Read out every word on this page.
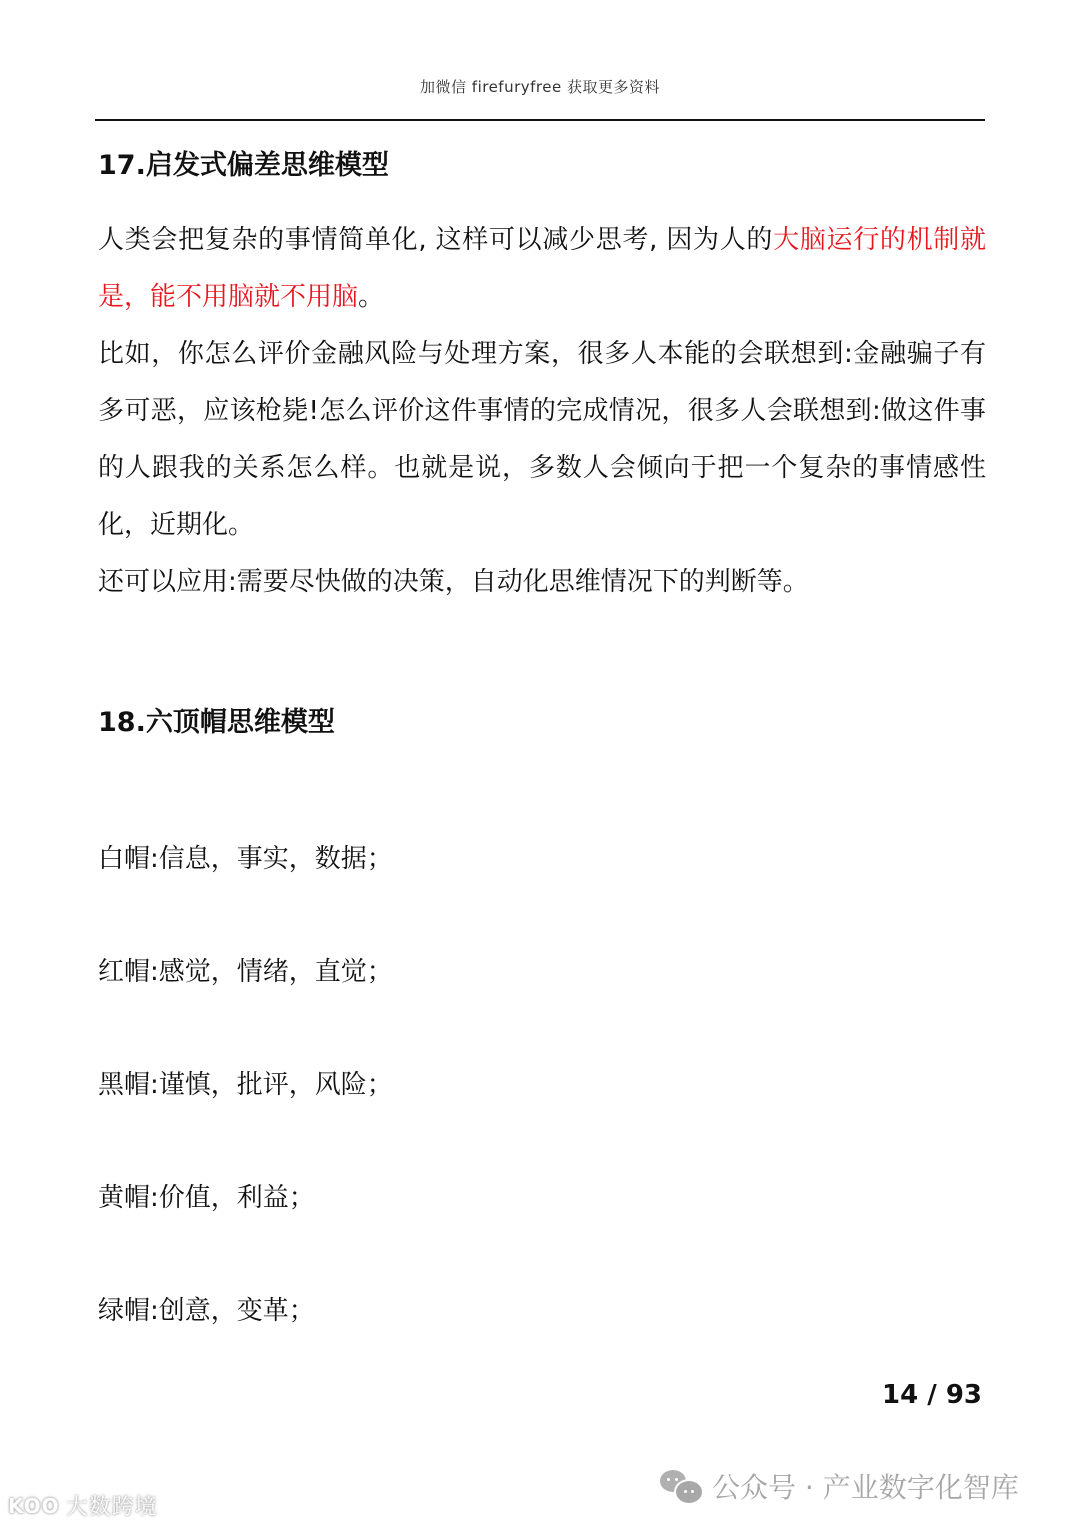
加微信 firefuryfree 获取更多资料
17.启发式偏差思维模型
人类会把复杂的事情简单化, 这样可以减少思考, 因为人的大脑运行的机制就是，能不用脑就不用脑。
比如，你怎么评价金融风险与处理方案，很多人本能的会联想到:金融骗子有多可恶，应该枪毙!怎么评价这件事情的完成情况，很多人会联想到:做这件事的人跟我的关系怎么样。也就是说，多数人会倾向于把一个复杂的事情感性化，近期化。
还可以应用:需要尽快做的决策，自动化思维情况下的判断等。
18.六顶帽思维模型
白帽:信息，事实，数据；
红帽:感觉，情绪，直觉；
黑帽:谨慎，批评，风险；
黄帽:价值，利益；
绿帽:创意，变革；
14 / 93
公众号 · 产业数字化智库
KOO 大数跨境
